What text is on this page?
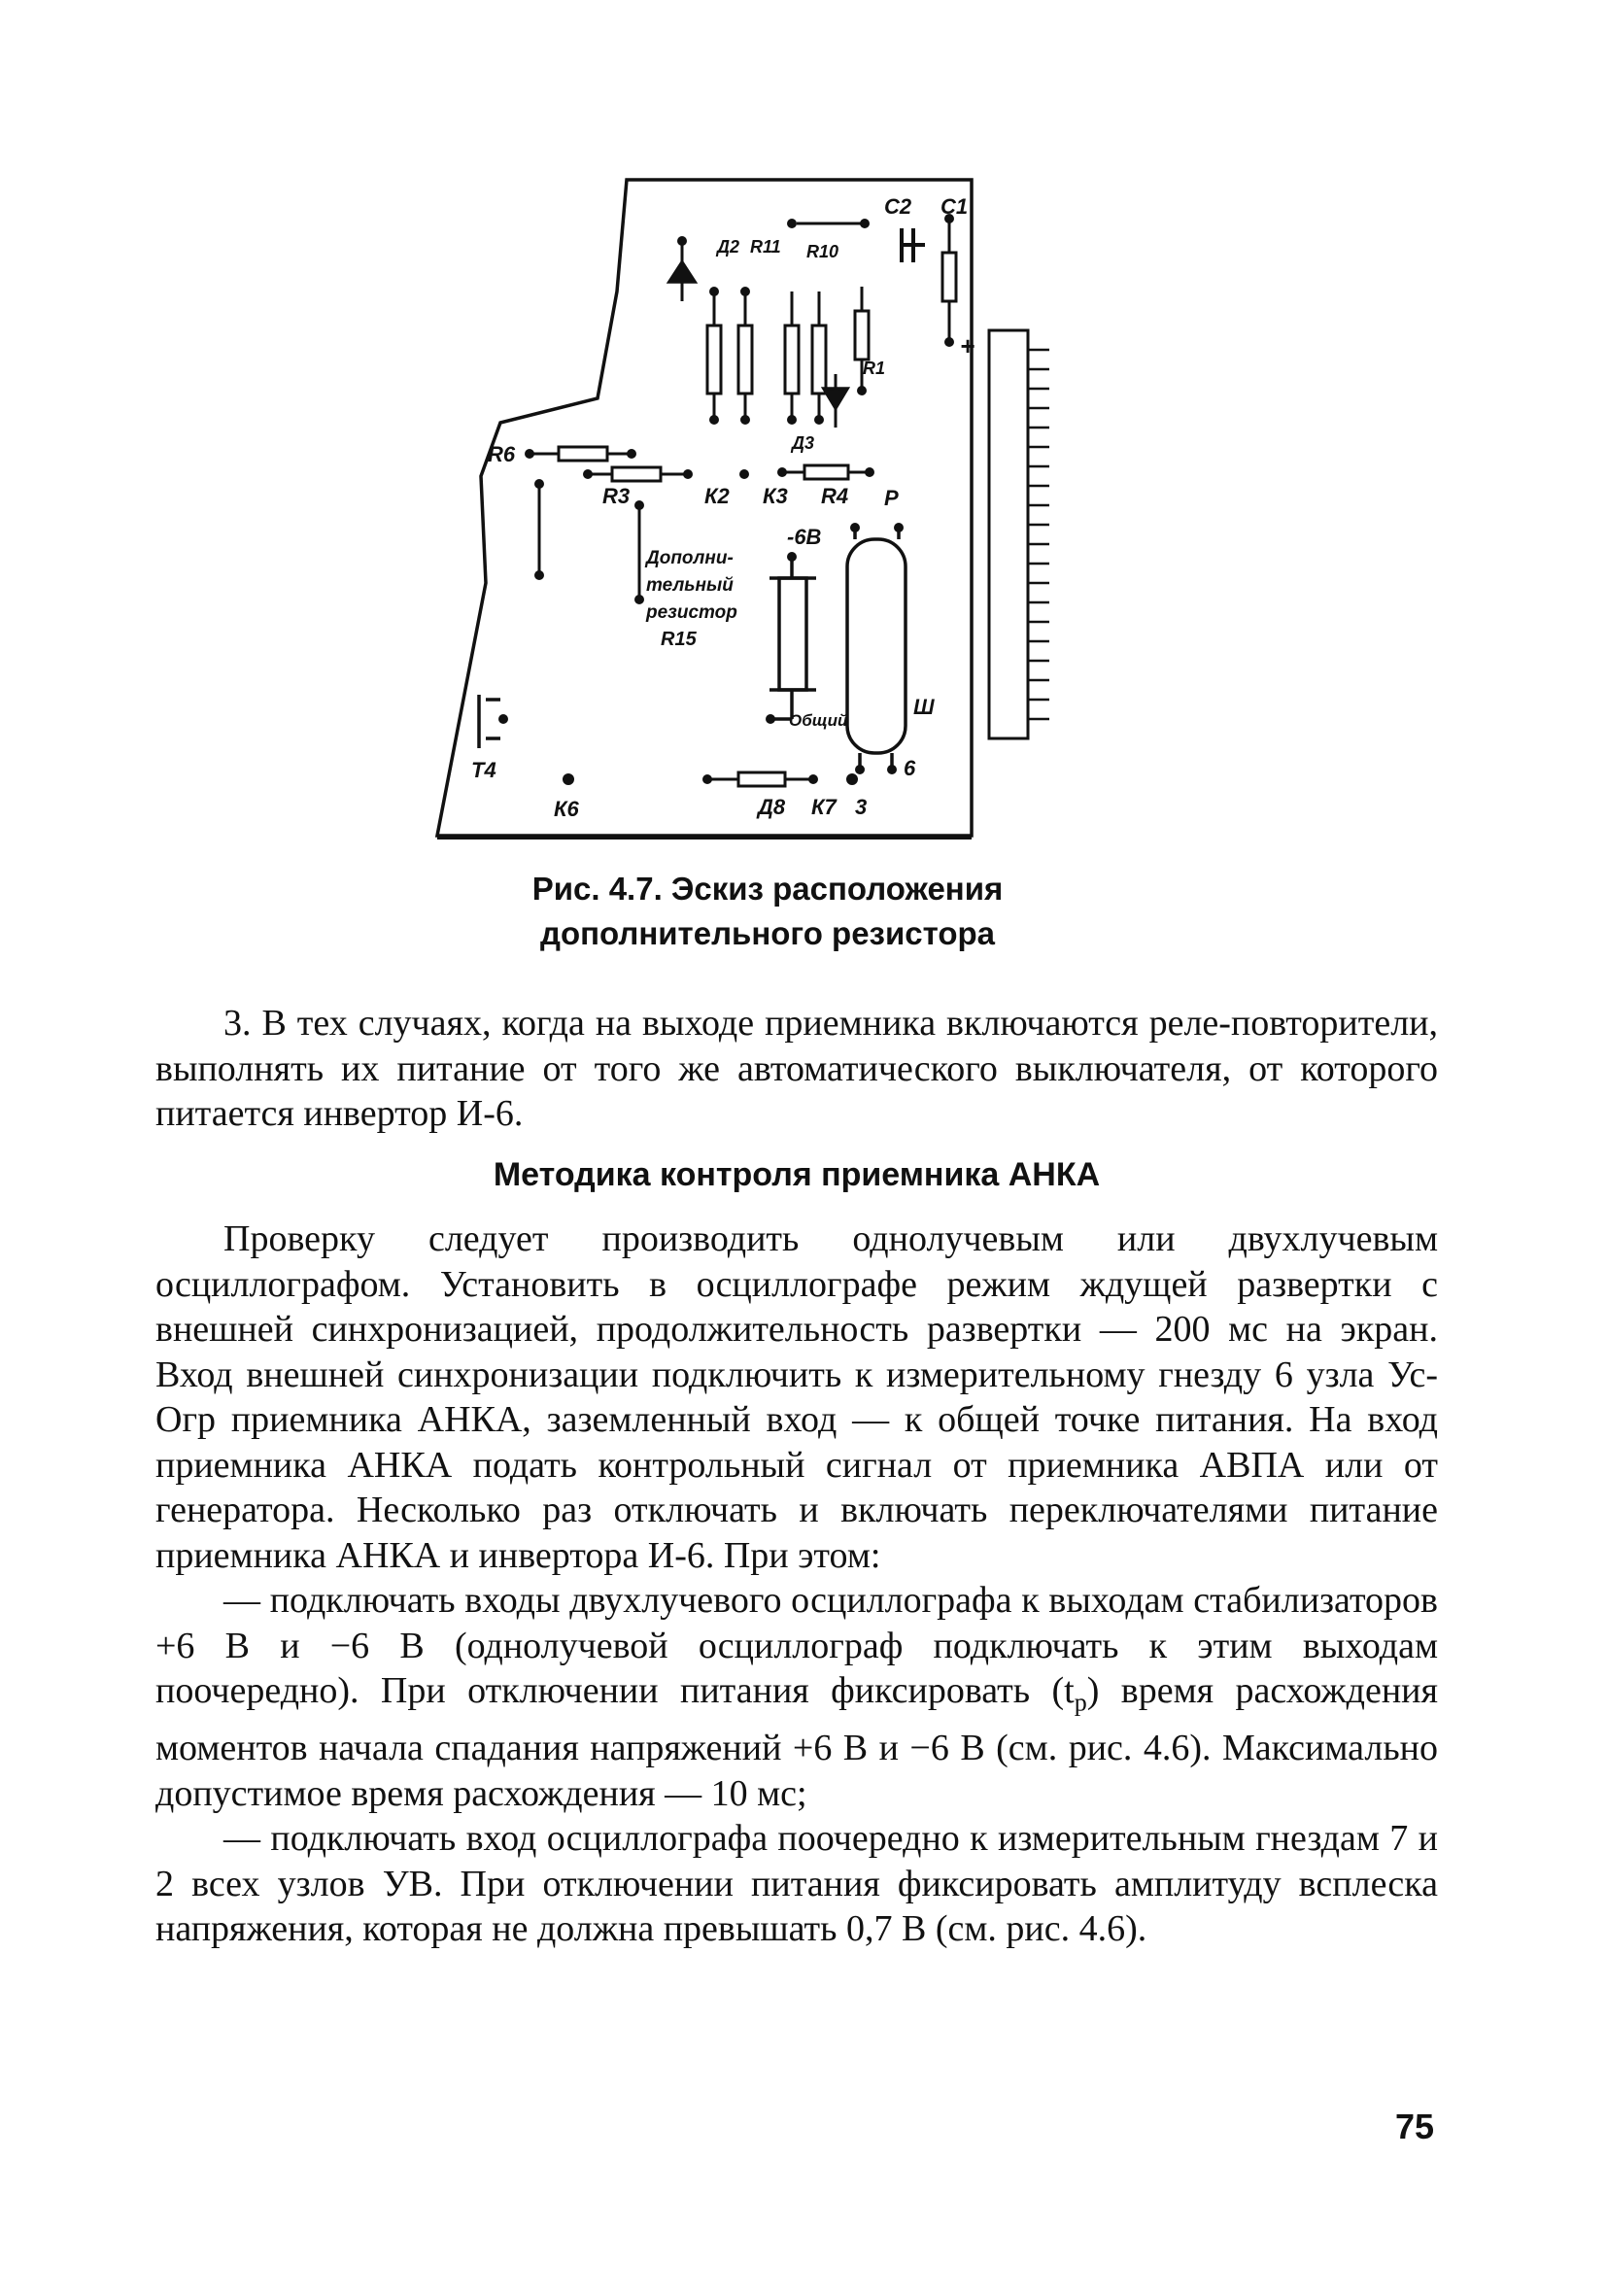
C2 C1
Д2 R11 R10
R1
Д3
+
R6
R3	К2 К3 R4
-6В
Р
Дополни-
тельный
резистор
R15
Общий
Ш
6
Т4
К6	Д8 К7 3
Рис. 4.7. Эскиз расположения
дополнительного резистора

3. В тех случаях, когда на выходе приемника включаются реле-повторители, выполнять их питание от того же автоматического выключателя, от которого питается инвертор И-6.

Методика контроля приемника АНКА

Проверку следует производить однолучевым или двухлучевым осциллографом. Установить в осциллографе режим ждущей развертки с внешней синхронизацией, продолжительность развертки — 200 мс на экран. Вход внешней синхронизации подключить к измерительному гнезду 6 узла Ус-Огр приемника АНКА, заземленный вход — к общей точке питания. На вход приемника АНКА подать контрольный сигнал от приемника АВПА или от генератора. Несколько раз отключать и включать переключателями питание приемника АНКА и инвертора И-6. При этом:

— подключать входы двухлучевого осциллографа к выходам стабилизаторов +6 В и −6 В (однолучевой осциллограф подключать к этим выходам поочередно). При отключении питания фиксировать $(t_р)$ время расхождения моментов начала спадания напряжений +6 В и −6 В (см. рис. 4.6). Максимально допустимое время расхождения — 10 мс;

— подключать вход осциллографа поочередно к измерительным гнездам 7 и 2 всех узлов УВ. При отключении питания фиксировать амплитуду всплеска напряжения, которая не должна превышать 0,7 В (см. рис. 4.6).

75
